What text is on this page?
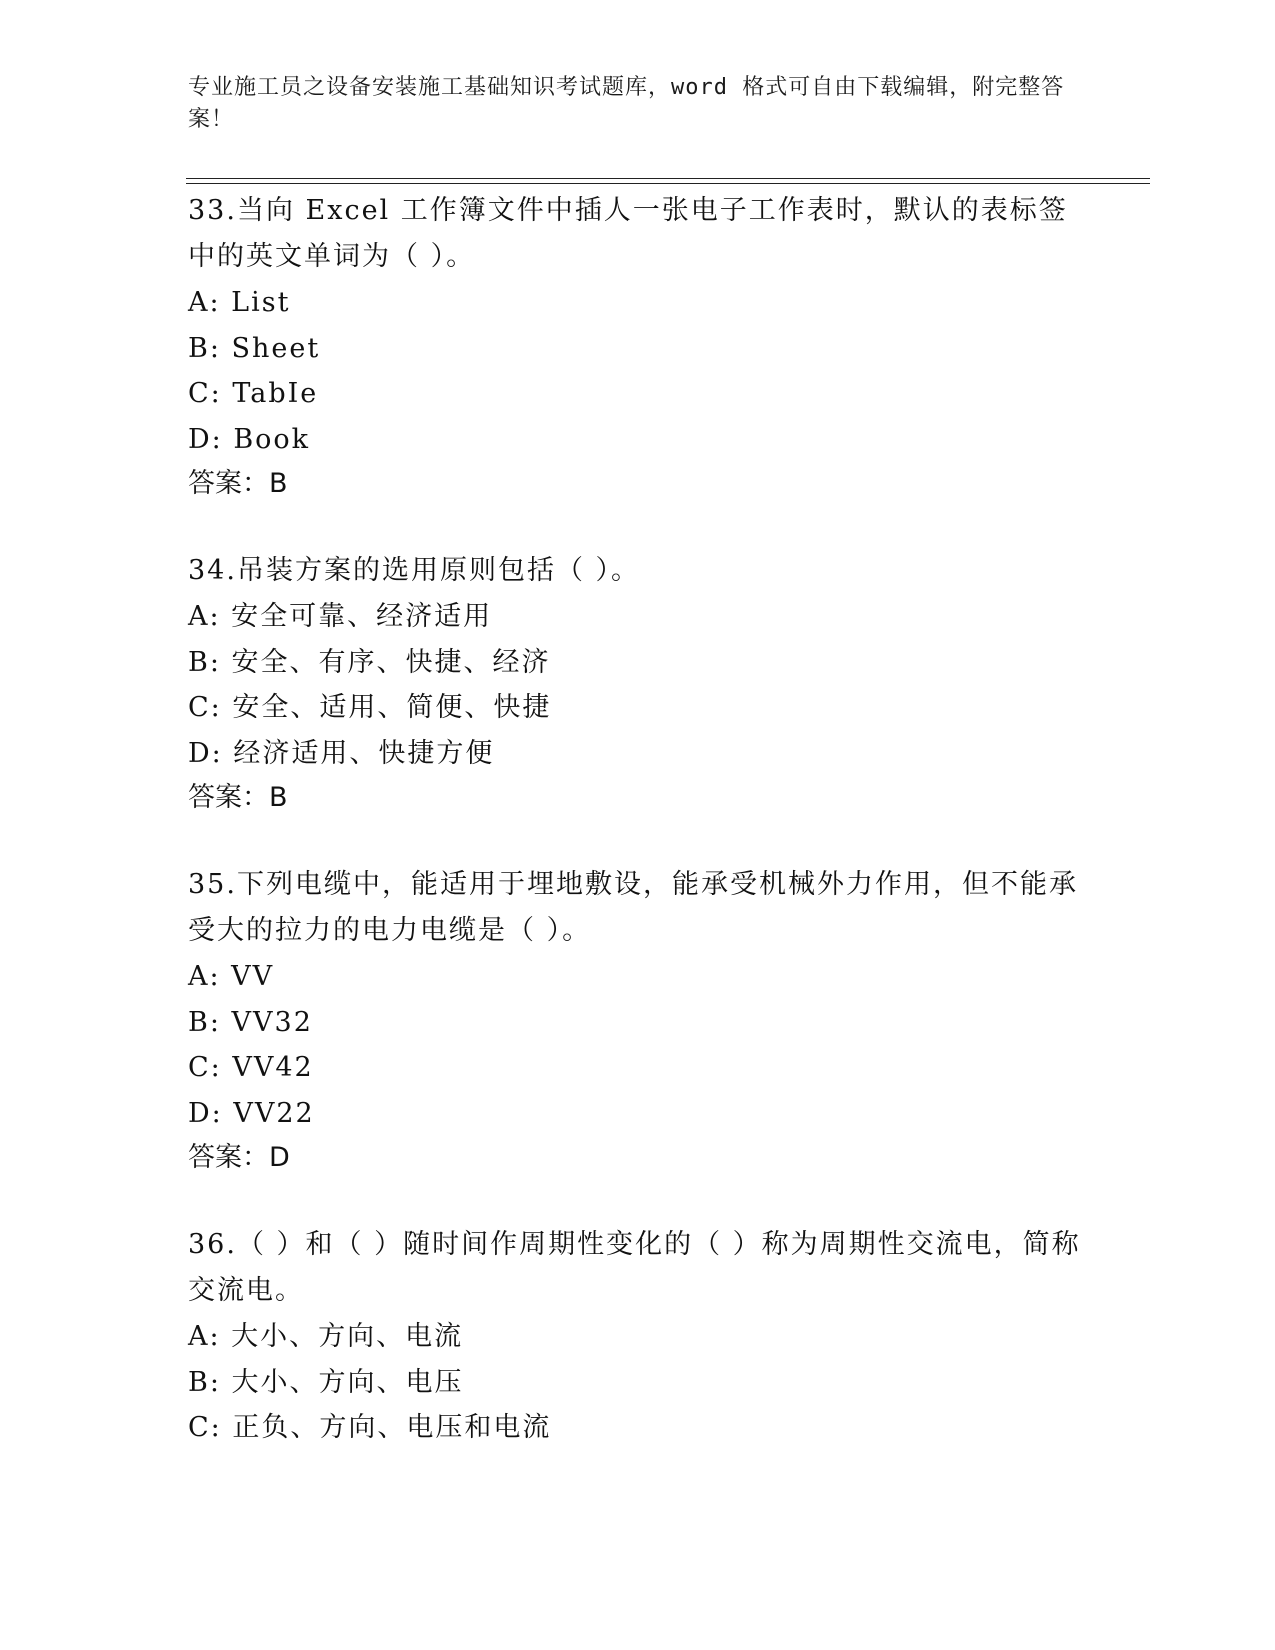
专业施工员之设备安装施工基础知识考试题库，word 格式可自由下载编辑，附完整答案！

33.当向 Excel 工作簿文件中插人一张电子工作表时，默认的表标签中的英文单词为（ ）。

A: List

B: Sheet

C: TabIe

D: Book

答案：B

34.吊装方案的选用原则包括（ ）。

A: 安全可靠、经济适用

B: 安全、有序、快捷、经济

C: 安全、适用、简便、快捷

D: 经济适用、快捷方便

答案：B

35.下列电缆中，能适用于埋地敷设，能承受机械外力作用，但不能承受大的拉力的电力电缆是（ ）。

A: VV

B: VV32

C: VV42

D: VV22

答案：D

36.（ ）和（ ）随时间作周期性变化的（ ）称为周期性交流电，简称交流电。

A: 大小、方向、电流

B: 大小、方向、电压

C: 正负、方向、电压和电流
